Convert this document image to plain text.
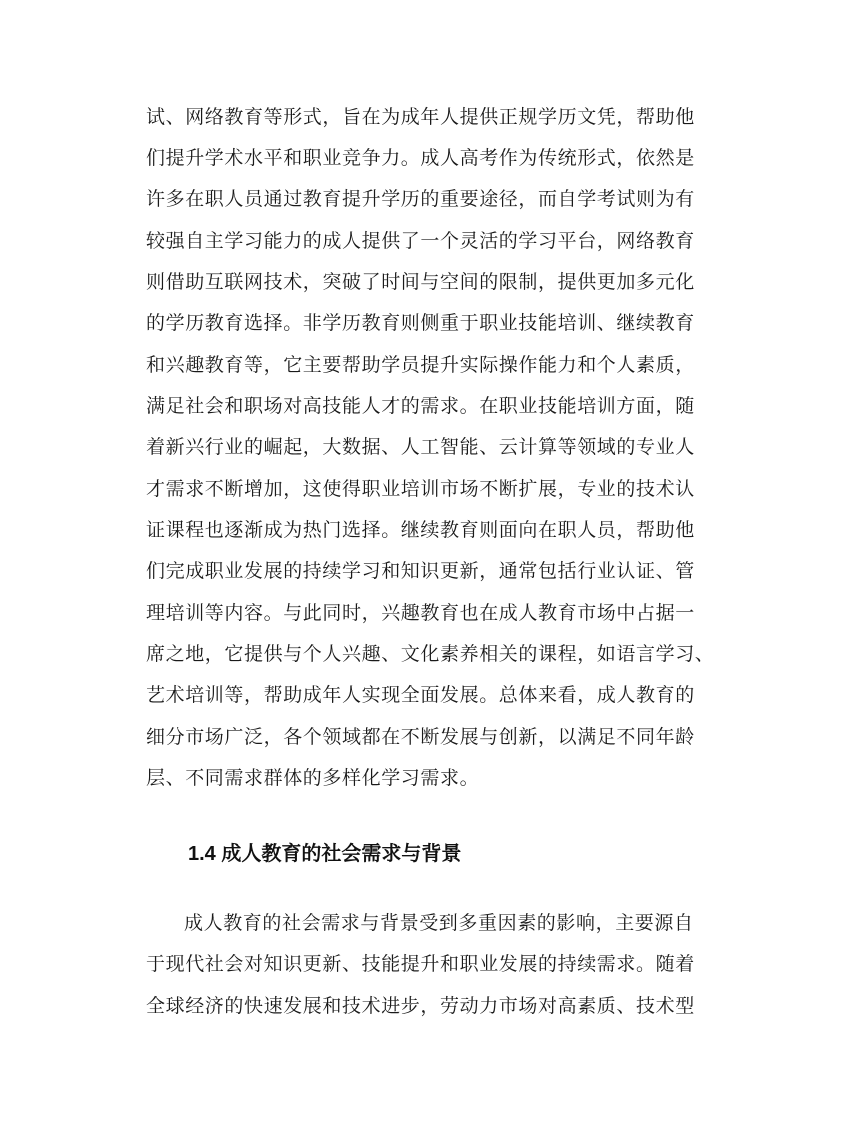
试、网络教育等形式，旨在为成年人提供正规学历文凭，帮助他
们提升学术水平和职业竞争力。成人高考作为传统形式，依然是
许多在职人员通过教育提升学历的重要途径，而自学考试则为有
较强自主学习能力的成人提供了一个灵活的学习平台，网络教育
则借助互联网技术，突破了时间与空间的限制，提供更加多元化
的学历教育选择。非学历教育则侧重于职业技能培训、继续教育
和兴趣教育等，它主要帮助学员提升实际操作能力和个人素质，
满足社会和职场对高技能人才的需求。在职业技能培训方面，随
着新兴行业的崛起，大数据、人工智能、云计算等领域的专业人
才需求不断增加，这使得职业培训市场不断扩展，专业的技术认
证课程也逐渐成为热门选择。继续教育则面向在职人员，帮助他
们完成职业发展的持续学习和知识更新，通常包括行业认证、管
理培训等内容。与此同时，兴趣教育也在成人教育市场中占据一
席之地，它提供与个人兴趣、文化素养相关的课程，如语言学习、
艺术培训等，帮助成年人实现全面发展。总体来看，成人教育的
细分市场广泛，各个领域都在不断发展与创新，以满足不同年龄
层、不同需求群体的多样化学习需求。
1.4 成人教育的社会需求与背景
成人教育的社会需求与背景受到多重因素的影响，主要源自
于现代社会对知识更新、技能提升和职业发展的持续需求。随着
全球经济的快速发展和技术进步，劳动力市场对高素质、技术型
